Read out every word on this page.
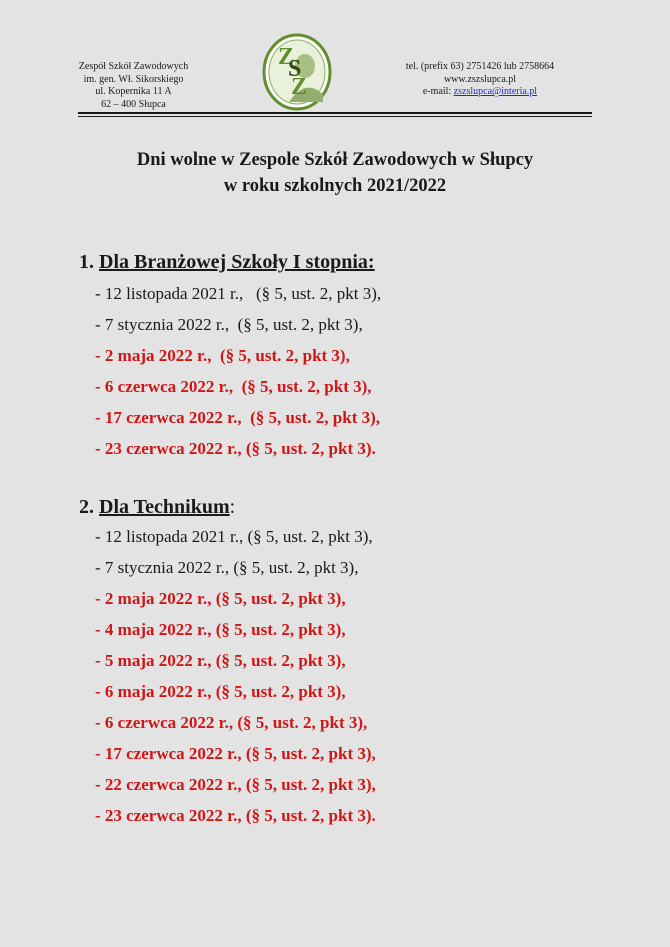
Zespół Szkół Zawodowych
im. gen. Wł. Sikorskiego
ul. Kopernika 11 A
62 – 400 Słupca
Z
S
Z
tel. (prefix 63) 2751426 lub 2758664
www.zszslupca.pl
e-mail: zszslupca@interia.pl
Dni wolne w Zespole Szkół Zawodowych w Słupcy
w roku szkolnych 2021/2022
1. Dla Branżowej Szkoły I stopnia:
- 12 listopada 2021 r.,   (§ 5, ust. 2, pkt 3),
- 7 stycznia 2022 r.,  (§ 5, ust. 2, pkt 3),
- 2 maja 2022 r.,  (§ 5, ust. 2, pkt 3),
- 6 czerwca 2022 r.,  (§ 5, ust. 2, pkt 3),
- 17 czerwca 2022 r.,  (§ 5, ust. 2, pkt 3),
- 23 czerwca 2022 r., (§ 5, ust. 2, pkt 3).
2. Dla Technikum:
- 12 listopada 2021 r., (§ 5, ust. 2, pkt 3),
- 7 stycznia 2022 r., (§ 5, ust. 2, pkt 3),
- 2 maja 2022 r., (§ 5, ust. 2, pkt 3),
- 4 maja 2022 r., (§ 5, ust. 2, pkt 3),
- 5 maja 2022 r., (§ 5, ust. 2, pkt 3),
- 6 maja 2022 r., (§ 5, ust. 2, pkt 3),
- 6 czerwca 2022 r., (§ 5, ust. 2, pkt 3),
- 17 czerwca 2022 r., (§ 5, ust. 2, pkt 3),
- 22 czerwca 2022 r., (§ 5, ust. 2, pkt 3),
- 23 czerwca 2022 r., (§ 5, ust. 2, pkt 3).
